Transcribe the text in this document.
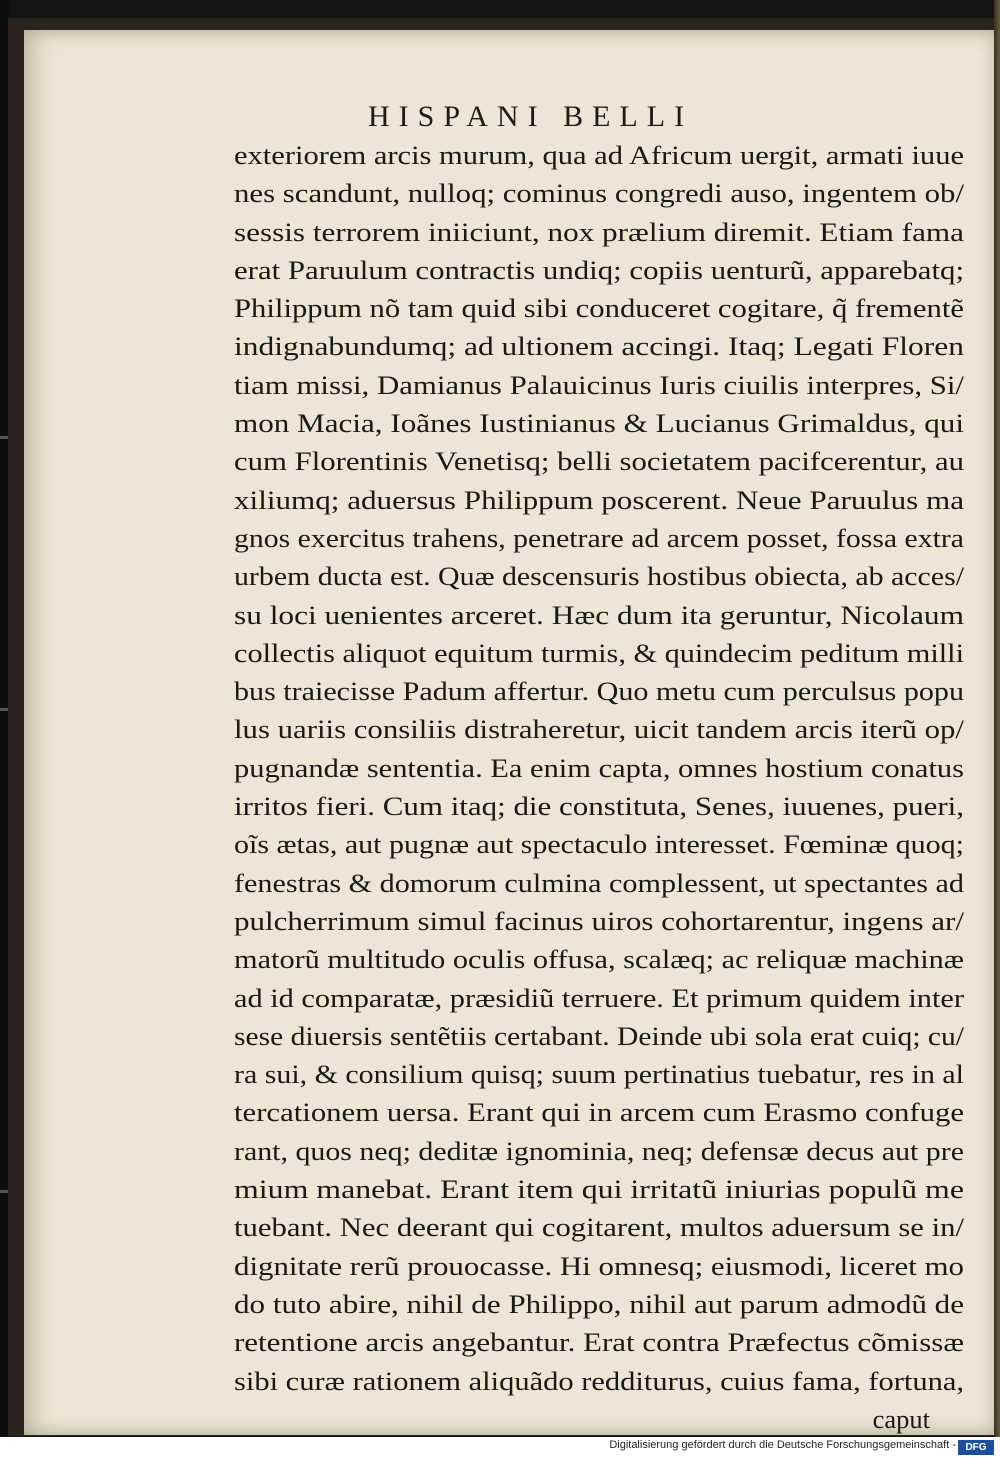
HISPANI BELLI
exteriorem arcis murum, qua ad Africum uergit, armati iuue
nes scandunt, nulloq; cominus congredi auso, ingentem ob/
sessis terrorem iniiciunt, nox prælium diremit. Etiam fama
erat Paruulum contractis undiq; copiis uenturũ, apparebatq;
Philippum nõ tam quid sibi conduceret cogitare, q̃ frementẽ
indignabundumq; ad ultionem accingi. Itaq; Legati Floren
tiam missi, Damianus Palauicinus Iuris ciuilis interpres, Si/
mon Macia, Ioãnes Iustinianus & Lucianus Grimaldus, qui
cum Florentinis Venetisq; belli societatem pacifcerentur, au
xiliumq; aduersus Philippum poscerent. Neue Paruulus ma
gnos exercitus trahens, penetrare ad arcem posset, fossa extra
urbem ducta est. Quæ descensuris hostibus obiecta, ab acces/
su loci uenientes arceret. Hæc dum ita geruntur, Nicolaum
collectis aliquot equitum turmis, & quindecim peditum milli
bus traiecisse Padum affertur. Quo metu cum perculsus popu
lus uariis consiliis distraheretur, uicit tandem arcis iterũ op/
pugnandæ sententia. Ea enim capta, omnes hostium conatus
irritos fieri. Cum itaq; die constituta, Senes, iuuenes, pueri,
oĩs ætas, aut pugnæ aut spectaculo interesset. Fœminæ quoq;
fenestras & domorum culmina complessent, ut spectantes ad
pulcherrimum simul facinus uiros cohortarentur, ingens ar/
matorũ multitudo oculis offusa, scalæq; ac reliquæ machinæ
ad id comparatæ, præsidiũ terruere. Et primum quidem inter
sese diuersis sentẽtiis certabant. Deinde ubi sola erat cuiq; cu/
ra sui, & consilium quisq; suum pertinatius tuebatur, res in al
tercationem uersa. Erant qui in arcem cum Erasmo confuge
rant, quos neq; deditæ ignominia, neq; defensæ decus aut pre
mium manebat. Erant item qui irritatũ iniurias populũ me
tuebant. Nec deerant qui cogitarent, multos aduersum se in/
dignitate rerũ prouocasse. Hi omnesq; eiusmodi, liceret mo
do tuto abire, nihil de Philippo, nihil aut parum admodũ de
retentione arcis angebantur. Erat contra Præfectus cõmissæ
sibi curæ rationem aliquãdo redditurus, cuius fama, fortuna,
caput
Digitalisierung gefördert durch die Deutsche Forschungsgemeinschaft - DFG
